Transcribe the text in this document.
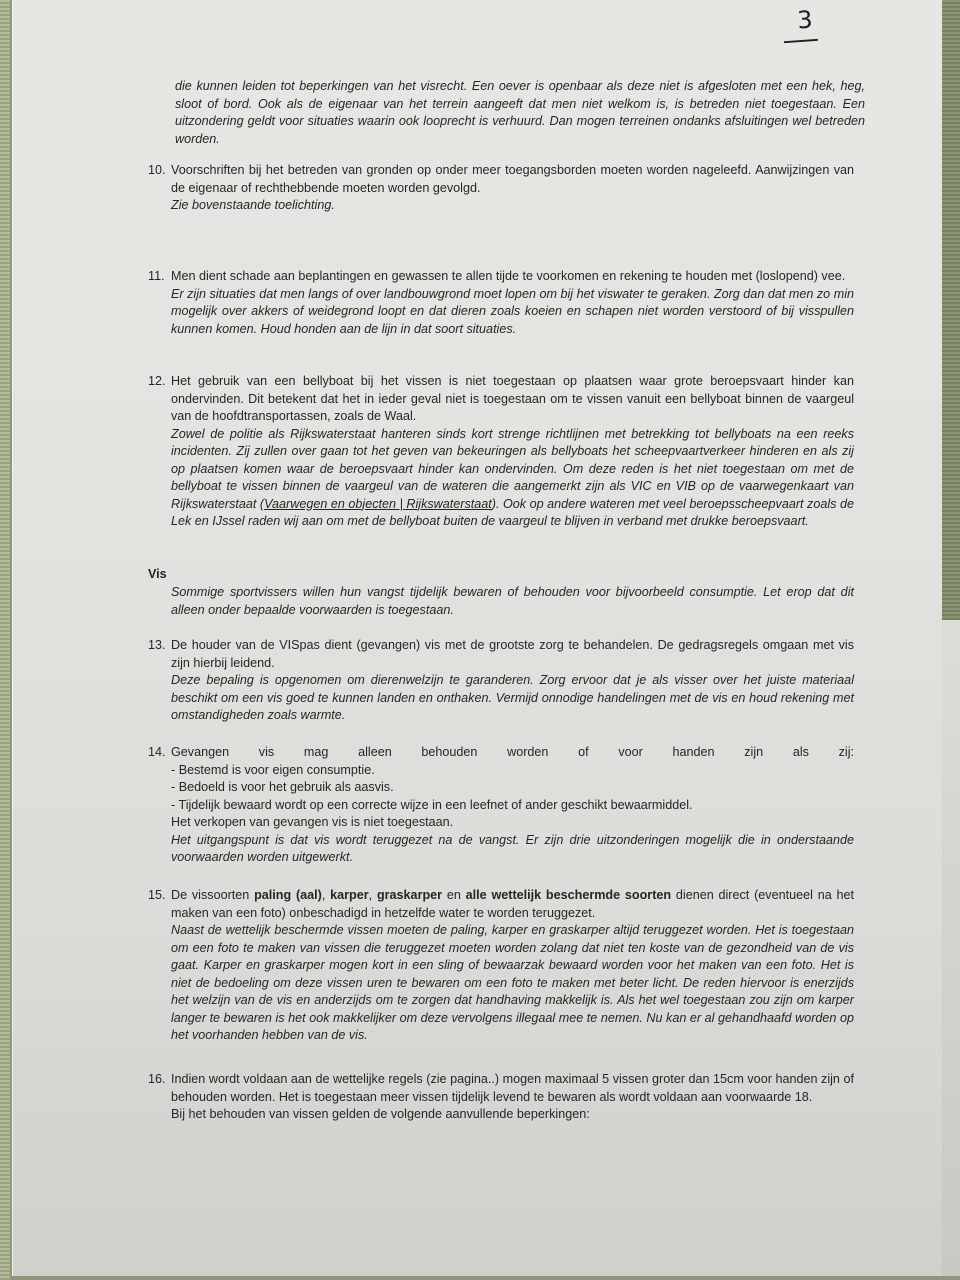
3

die kunnen leiden tot beperkingen van het visrecht. Een oever is openbaar als deze niet is afgesloten met een hek, heg, sloot of bord. Ook als de eigenaar van het terrein aangeeft dat men niet welkom is, is betreden niet toegestaan. Een uitzondering geldt voor situaties waarin ook looprecht is verhuurd. Dan mogen terreinen ondanks afsluitingen wel betreden worden.

10. Voorschriften bij het betreden van gronden op onder meer toegangsborden moeten worden nageleefd. Aanwijzingen van de eigenaar of rechthebbende moeten worden gevolgd.

Zie bovenstaande toelichting.

11. Men dient schade aan beplantingen en gewassen te allen tijde te voorkomen en rekening te houden met (loslopend) vee.

Er zijn situaties dat men langs of over landbouwgrond moet lopen om bij het viswater te geraken. Zorg dan dat men zo min mogelijk over akkers of weidegrond loopt en dat dieren zoals koeien en schapen niet worden verstoord of bij visspullen kunnen komen. Houd honden aan de lijn in dat soort situaties.

12. Het gebruik van een bellyboat bij het vissen is niet toegestaan op plaatsen waar grote beroepsvaart hinder kan ondervinden. Dit betekent dat het in ieder geval niet is toegestaan om te vissen vanuit een bellyboat binnen de vaargeul van de hoofdtransportassen, zoals de Waal.

Zowel de politie als Rijkswaterstaat hanteren sinds kort strenge richtlijnen met betrekking tot bellyboats na een reeks incidenten. Zij zullen over gaan tot het geven van bekeuringen als bellyboats het scheepvaartverkeer hinderen en als zij op plaatsen komen waar de beroepsvaart hinder kan ondervinden. Om deze reden is het niet toegestaan om met de bellyboat te vissen binnen de vaargeul van de wateren die aangemerkt zijn als VIC en VIB op de vaarwegenkaart van Rijkswaterstaat (Vaarwegen en objecten | Rijkswaterstaat). Ook op andere wateren met veel beroepsscheepvaart zoals de Lek en IJssel raden wij aan om met de bellyboat buiten de vaargeul te blijven in verband met drukke beroepsvaart.

Vis

Sommige sportvissers willen hun vangst tijdelijk bewaren of behouden voor bijvoorbeeld consumptie. Let erop dat dit alleen onder bepaalde voorwaarden is toegestaan.

13. De houder van de VISpas dient (gevangen) vis met de grootste zorg te behandelen. De gedragsregels omgaan met vis zijn hierbij leidend.

Deze bepaling is opgenomen om dierenwelzijn te garanderen. Zorg ervoor dat je als visser over het juiste materiaal beschikt om een vis goed te kunnen landen en onthaken. Vermijd onnodige handelingen met de vis en houd rekening met omstandigheden zoals warmte.

14. Gevangen vis mag alleen behouden worden of voor handen zijn als zij:

- Bestemd is voor eigen consumptie.

- Bedoeld is voor het gebruik als aasvis.

- Tijdelijk bewaard wordt op een correcte wijze in een leefnet of ander geschikt bewaarmiddel.

Het verkopen van gevangen vis is niet toegestaan.

Het uitgangspunt is dat vis wordt teruggezet na de vangst. Er zijn drie uitzonderingen mogelijk die in onderstaande voorwaarden worden uitgewerkt.

15. De vissoorten paling (aal), karper, graskarper en alle wettelijk beschermde soorten dienen direct (eventueel na het maken van een foto) onbeschadigd in hetzelfde water te worden teruggezet.

Naast de wettelijk beschermde vissen moeten de paling, karper en graskarper altijd teruggezet worden. Het is toegestaan om een foto te maken van vissen die teruggezet moeten worden zolang dat niet ten koste van de gezondheid van de vis gaat. Karper en graskarper mogen kort in een sling of bewaarzak bewaard worden voor het maken van een foto. Het is niet de bedoeling om deze vissen uren te bewaren om een foto te maken met beter licht. De reden hiervoor is enerzijds het welzijn van de vis en anderzijds om te zorgen dat handhaving makkelijk is. Als het wel toegestaan zou zijn om karper langer te bewaren is het ook makkelijker om deze vervolgens illegaal mee te nemen. Nu kan er al gehandhaafd worden op het voorhanden hebben van de vis.

16. Indien wordt voldaan aan de wettelijke regels (zie pagina..) mogen maximaal 5 vissen groter dan 15cm voor handen zijn of behouden worden. Het is toegestaan meer vissen tijdelijk levend te bewaren als wordt voldaan aan voorwaarde 18.

Bij het behouden van vissen gelden de volgende aanvullende beperkingen:
